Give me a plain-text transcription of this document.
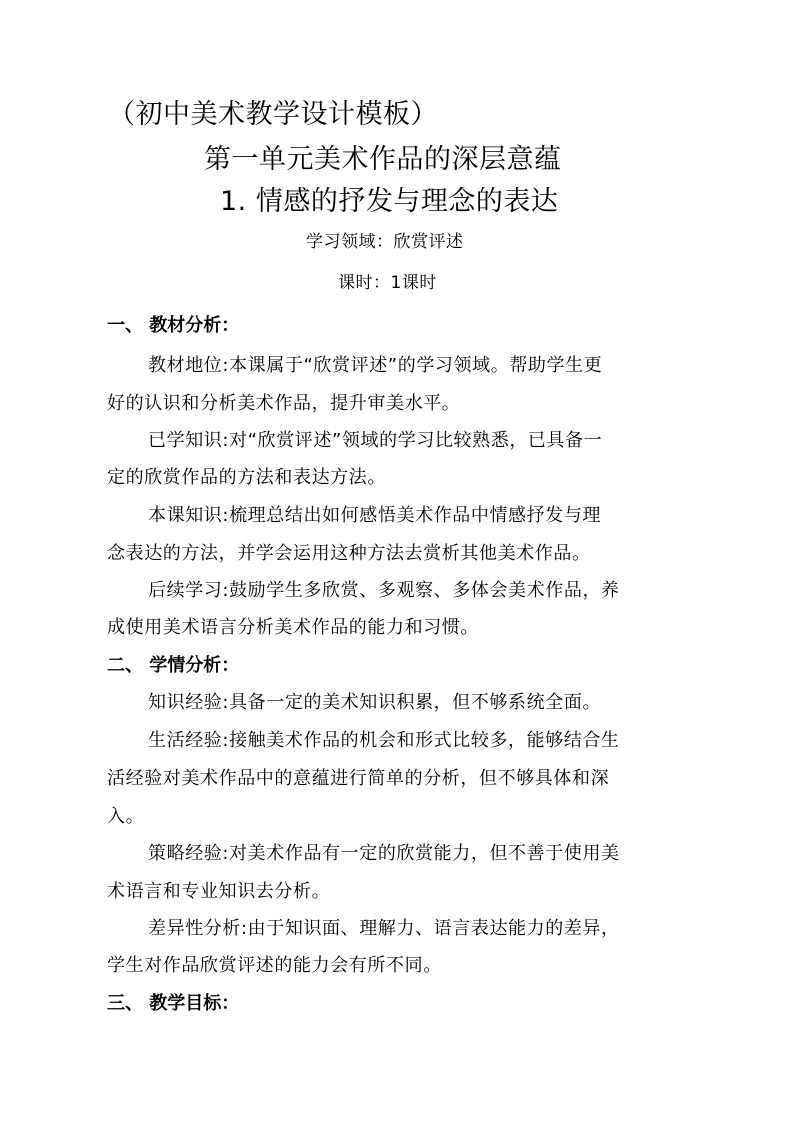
（初中美术教学设计模板）
第一单元美术作品的深层意蕴
1. 情感的抒发与理念的表达
学习领域：欣赏评述
课时：1课时
一、 教材分析：
教材地位:本课属于“欣赏评述”的学习领域。帮助学生更
好的认识和分析美术作品，提升审美水平。
已学知识:对“欣赏评述”领域的学习比较熟悉，已具备一
定的欣赏作品的方法和表达方法。
本课知识:梳理总结出如何感悟美术作品中情感抒发与理
念表达的方法，并学会运用这种方法去赏析其他美术作品。
后续学习:鼓励学生多欣赏、多观察、多体会美术作品，养
成使用美术语言分析美术作品的能力和习惯。
二、 学情分析：
知识经验:具备一定的美术知识积累，但不够系统全面。
生活经验:接触美术作品的机会和形式比较多，能够结合生
活经验对美术作品中的意蕴进行简单的分析，但不够具体和深
入。
策略经验:对美术作品有一定的欣赏能力，但不善于使用美
术语言和专业知识去分析。
差异性分析:由于知识面、理解力、语言表达能力的差异，
学生对作品欣赏评述的能力会有所不同。
三、 教学目标：
